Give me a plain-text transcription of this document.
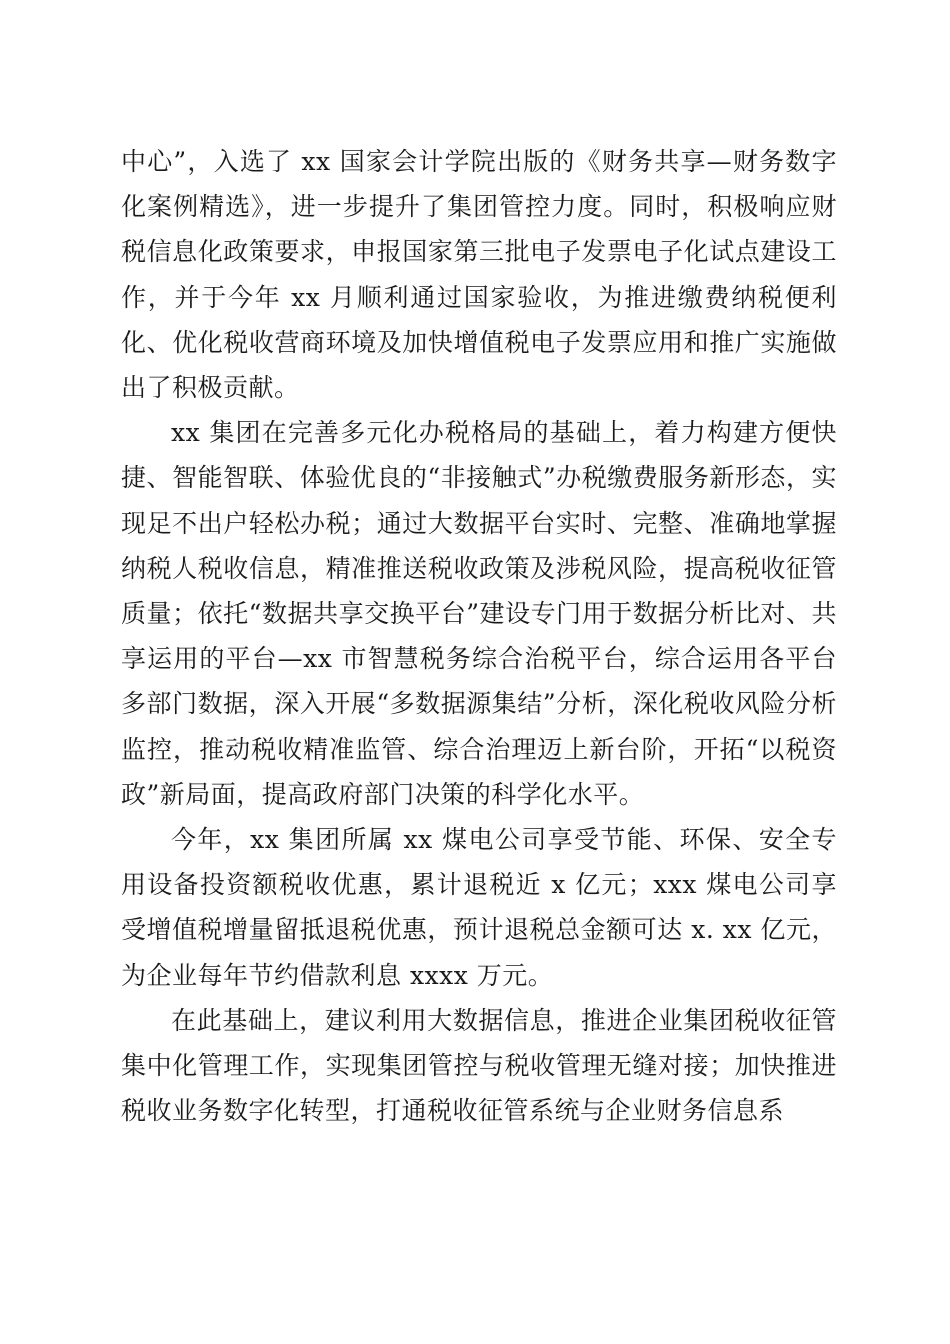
中心”，入选了 xx 国家会计学院出版的《财务共享—财务数字化案例精选》，进一步提升了集团管控力度。同时，积极响应财税信息化政策要求，申报国家第三批电子发票电子化试点建设工作，并于今年 xx 月顺利通过国家验收，为推进缴费纳税便利化、优化税收营商环境及加快增值税电子发票应用和推广实施做出了积极贡献。

xx 集团在完善多元化办税格局的基础上，着力构建方便快捷、智能智联、体验优良的“非接触式”办税缴费服务新形态，实现足不出户轻松办税；通过大数据平台实时、完整、准确地掌握纳税人税收信息，精准推送税收政策及涉税风险，提高税收征管质量；依托“数据共享交换平台”建设专门用于数据分析比对、共享运用的平台—xx 市智慧税务综合治税平台，综合运用各平台多部门数据，深入开展“多数据源集结”分析，深化税收风险分析监控，推动税收精准监管、综合治理迈上新台阶，开拓“以税资政”新局面，提高政府部门决策的科学化水平。

今年，xx 集团所属 xx 煤电公司享受节能、环保、安全专用设备投资额税收优惠，累计退税近 x 亿元；xxx 煤电公司享受增值税增量留抵退税优惠，预计退税总金额可达 x. xx 亿元，为企业每年节约借款利息 xxxx 万元。

在此基础上，建议利用大数据信息，推进企业集团税收征管集中化管理工作，实现集团管控与税收管理无缝对接；加快推进税收业务数字化转型，打通税收征管系统与企业财务信息系
